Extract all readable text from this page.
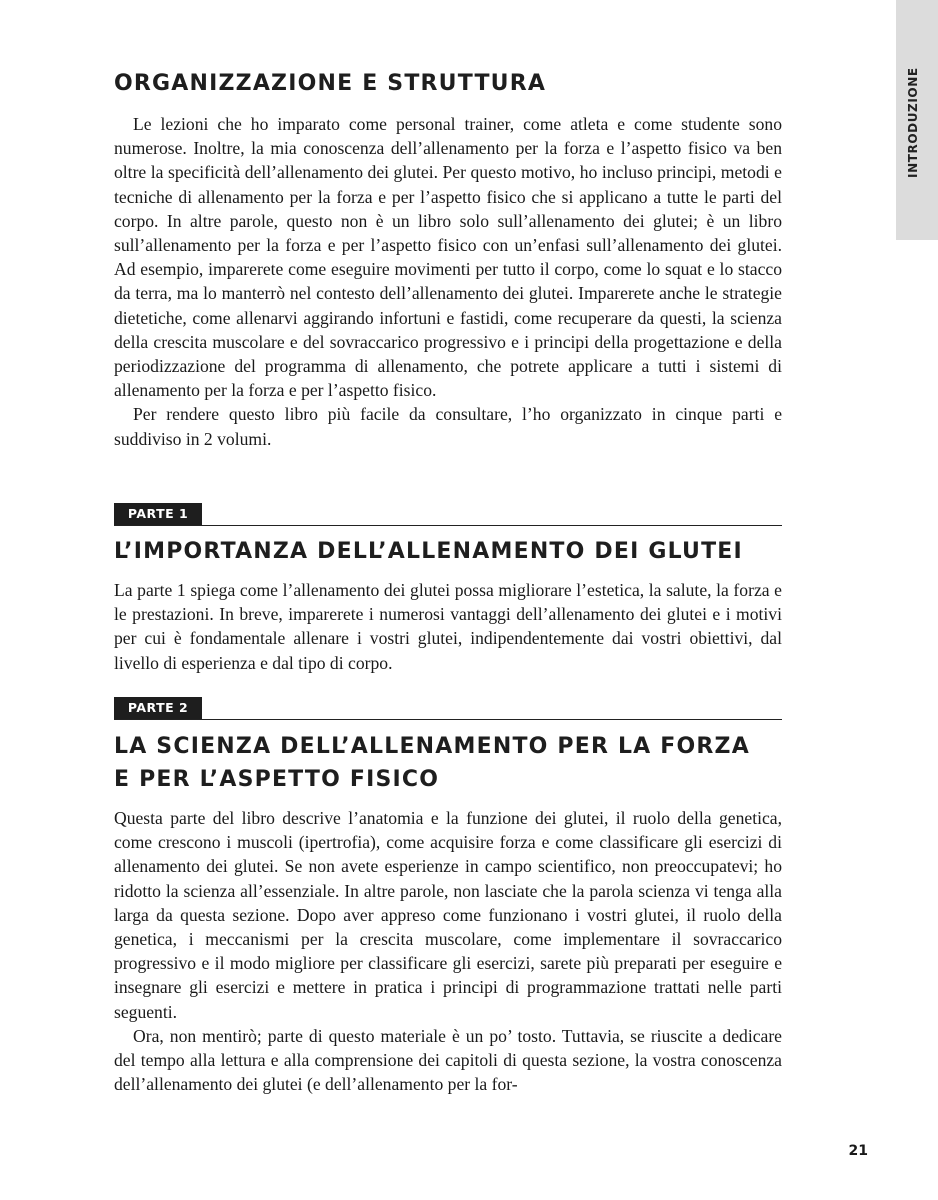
INTRODUZIONE
ORGANIZZAZIONE E STRUTTURA

Le lezioni che ho imparato come personal trainer, come atleta e come studente sono numerose. Inoltre, la mia conoscenza dell’allenamento per la forza e l’aspetto fisico va ben oltre la specificità dell’allenamento dei glutei. Per questo motivo, ho incluso principi, metodi e tecniche di allenamento per la forza e per l’aspetto fisico che si applicano a tutte le parti del corpo. In altre parole, questo non è un libro solo sull’allenamento dei glutei; è un libro sull’allenamento per la forza e per l’aspetto fisico con un’enfasi sull’allenamento dei glutei. Ad esempio, imparerete come eseguire movimenti per tutto il corpo, come lo squat e lo stacco da terra, ma lo manterrò nel contesto dell’allenamento dei glutei. Imparerete anche le strategie dietetiche, come allenarvi aggirando infortuni e fastidi, come recuperare da questi, la scienza della crescita muscolare e del sovraccarico progressivo e i principi della progettazione e della periodizzazione del programma di allenamento, che potrete applicare a tutti i sistemi di allenamento per la forza e per l’aspetto fisico.

Per rendere questo libro più facile da consultare, l’ho organizzato in cinque parti e suddiviso in 2 volumi.

PARTE 1
L’IMPORTANZA DELL’ALLENAMENTO DEI GLUTEI

La parte 1 spiega come l’allenamento dei glutei possa migliorare l’estetica, la salute, la forza e le prestazioni. In breve, imparerete i numerosi vantaggi dell’allenamento dei glutei e i motivi per cui è fondamentale allenare i vostri glutei, indipendentemente dai vostri obiettivi, dal livello di esperienza e dal tipo di corpo.

PARTE 2
LA SCIENZA DELL’ALLENAMENTO PER LA FORZA
E PER L’ASPETTO FISICO

Questa parte del libro descrive l’anatomia e la funzione dei glutei, il ruolo della genetica, come crescono i muscoli (ipertrofia), come acquisire forza e come classificare gli esercizi di allenamento dei glutei. Se non avete esperienze in campo scientifico, non preoccupatevi; ho ridotto la scienza all’essenziale. In altre parole, non lasciate che la parola scienza vi tenga alla larga da questa sezione. Dopo aver appreso come funzionano i vostri glutei, il ruolo della genetica, i meccanismi per la crescita muscolare, come implementare il sovraccarico progressivo e il modo migliore per classificare gli esercizi, sarete più preparati per eseguire e insegnare gli esercizi e mettere in pratica i principi di programmazione trattati nelle parti seguenti.

Ora, non mentirò; parte di questo materiale è un po’ tosto. Tuttavia, se riuscite a dedicare del tempo alla lettura e alla comprensione dei capitoli di questa sezione, la vostra conoscenza dell’allenamento dei glutei (e dell’allenamento per la for-

21
